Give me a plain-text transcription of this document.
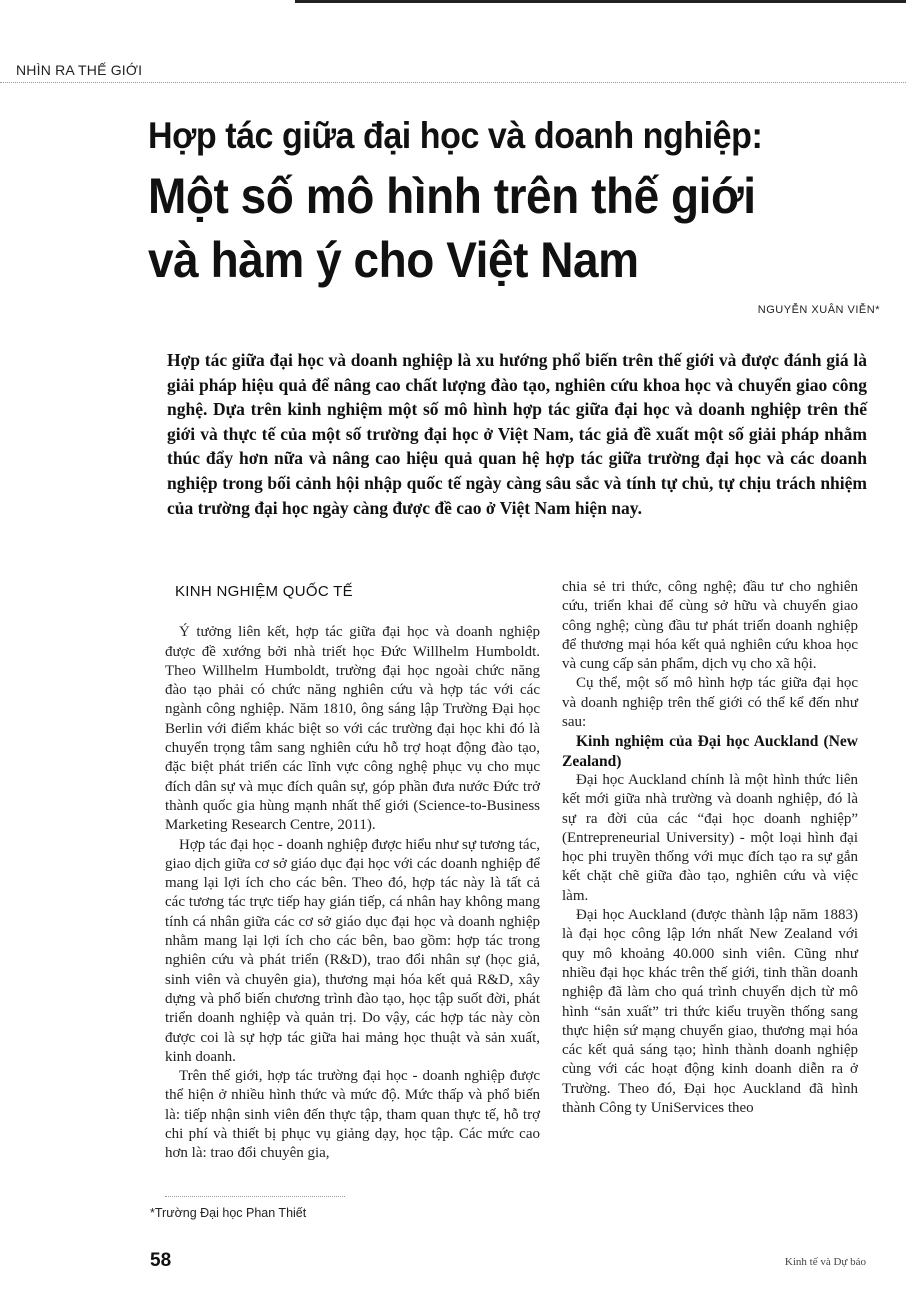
NHÌN RA THẾ GIỚI
Hợp tác giữa đại học và doanh nghiệp:
Một số mô hình trên thế giới
và hàm ý cho Việt Nam
NGUYỄN XUÂN VIỄN*

Hợp tác giữa đại học và doanh nghiệp là xu hướng phổ biến trên thế giới và được đánh giá là giải pháp hiệu quả để nâng cao chất lượng đào tạo, nghiên cứu khoa học và chuyển giao công nghệ. Dựa trên kinh nghiệm một số mô hình hợp tác giữa đại học và doanh nghiệp trên thế giới và thực tế của một số trường đại học ở Việt Nam, tác giả đề xuất một số giải pháp nhằm thúc đẩy hơn nữa và nâng cao hiệu quả quan hệ hợp tác giữa trường đại học và các doanh nghiệp trong bối cảnh hội nhập quốc tế ngày càng sâu sắc và tính tự chủ, tự chịu trách nhiệm của trường đại học ngày càng được đề cao ở Việt Nam hiện nay.

KINH NGHIỆM QUỐC TẾ

Ý tưởng liên kết, hợp tác giữa đại học và doanh nghiệp được đề xướng bởi nhà triết học Đức Willhelm Humboldt. Theo Willhelm Humboldt, trường đại học ngoài chức năng đào tạo phải có chức năng nghiên cứu và hợp tác với các ngành công nghiệp. Năm 1810, ông sáng lập Trường Đại học Berlin với điểm khác biệt so với các trường đại học khi đó là chuyển trọng tâm sang nghiên cứu hỗ trợ hoạt động đào tạo, đặc biệt phát triển các lĩnh vực công nghệ phục vụ cho mục đích dân sự và mục đích quân sự, góp phần đưa nước Đức trở thành quốc gia hùng mạnh nhất thế giới (Science-to-Business Marketing Research Centre, 2011).

Hợp tác đại học - doanh nghiệp được hiểu như sự tương tác, giao dịch giữa cơ sở giáo dục đại học với các doanh nghiệp để mang lại lợi ích cho các bên. Theo đó, hợp tác này là tất cả các tương tác trực tiếp hay gián tiếp, cá nhân hay không mang tính cá nhân giữa các cơ sở giáo dục đại học và doanh nghiệp nhằm mang lại lợi ích cho các bên, bao gồm: hợp tác trong nghiên cứu và phát triển (R&D), trao đổi nhân sự (học giả, sinh viên và chuyên gia), thương mại hóa kết quả R&D, xây dựng và phổ biến chương trình đào tạo, học tập suốt đời, phát triển doanh nghiệp và quản trị. Do vậy, các hợp tác này còn được coi là sự hợp tác giữa hai mảng học thuật và sản xuất, kinh doanh.

Trên thế giới, hợp tác trường đại học - doanh nghiệp được thể hiện ở nhiều hình thức và mức độ. Mức thấp và phổ biến là: tiếp nhận sinh viên đến thực tập, tham quan thực tế, hỗ trợ chi phí và thiết bị phục vụ giảng dạy, học tập. Các mức cao hơn là: trao đổi chuyên gia,

chia sẻ tri thức, công nghệ; đầu tư cho nghiên cứu, triển khai để cùng sở hữu và chuyển giao công nghệ; cùng đầu tư phát triển doanh nghiệp để thương mại hóa kết quả nghiên cứu khoa học và cung cấp sản phẩm, dịch vụ cho xã hội.

Cụ thể, một số mô hình hợp tác giữa đại học và doanh nghiệp trên thế giới có thể kể đến như sau:

Kinh nghiệm của Đại học Auckland (New Zealand)

Đại học Auckland chính là một hình thức liên kết mới giữa nhà trường và doanh nghiệp, đó là sự ra đời của các “đại học doanh nghiệp” (Entrepreneurial University) - một loại hình đại học phi truyền thống với mục đích tạo ra sự gắn kết chặt chẽ giữa đào tạo, nghiên cứu và việc làm.

Đại học Auckland (được thành lập năm 1883) là đại học công lập lớn nhất New Zealand với quy mô khoảng 40.000 sinh viên. Cũng như nhiều đại học khác trên thế giới, tinh thần doanh nghiệp đã làm cho quá trình chuyển dịch từ mô hình “sản xuất” tri thức kiểu truyền thống sang thực hiện sứ mạng chuyển giao, thương mại hóa các kết quả sáng tạo; hình thành doanh nghiệp cùng với các hoạt động kinh doanh diễn ra ở Trường. Theo đó, Đại học Auckland đã hình thành Công ty UniServices theo

*Trường Đại học Phan Thiết
58	Kinh tế và Dự báo
